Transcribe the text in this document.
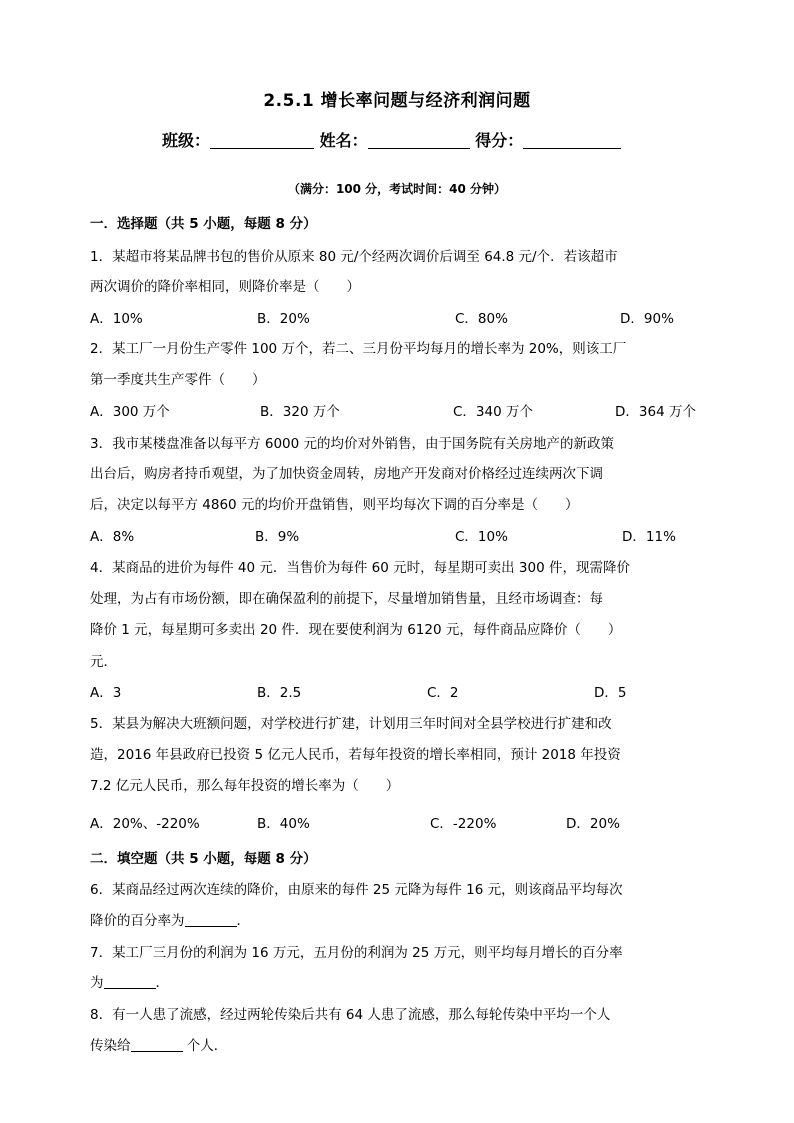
2.5.1 增长率问题与经济利润问题
班级：	姓名：	得分：
（满分：100 分，考试时间：40 分钟）
一．选择题（共 5 小题，每题 8 分）
1．某超市将某品牌书包的售价从原来 80 元/个经两次调价后调至 64.8 元/个．若该超市
两次调价的降价率相同，则降价率是（　　）
A．10%	B．20%	C．80%	D．90%
2．某工厂一月份生产零件 100 万个，若二、三月份平均每月的增长率为 20%，则该工厂
第一季度共生产零件（　　）
A．300 万个	B．320 万个	C．340 万个	D．364 万个
3．我市某楼盘准备以每平方 6000 元的均价对外销售，由于国务院有关房地产的新政策
出台后，购房者持币观望，为了加快资金周转，房地产开发商对价格经过连续两次下调
后，决定以每平方 4860 元的均价开盘销售，则平均每次下调的百分率是（　　）
A．8%	B．9%	C．10%	D．11%
4．某商品的进价为每件 40 元．当售价为每件 60 元时，每星期可卖出 300 件，现需降价
处理，为占有市场份额，即在确保盈利的前提下，尽量增加销售量，且经市场调查：每
降价 1 元，每星期可多卖出 20 件．现在要使利润为 6120 元，每件商品应降价（　　）
元．
A．3	B．2.5	C．2	D．5
5．某县为解决大班额问题，对学校进行扩建，计划用三年时间对全县学校进行扩建和改
造，2016 年县政府已投资 5 亿元人民币，若每年投资的增长率相同，预计 2018 年投资
7.2 亿元人民币，那么每年投资的增长率为（　　）
A．20%、-220%	B．40%	C．-220%	D．20%
二．填空题（共 5 小题，每题 8 分）
6．某商品经过两次连续的降价，由原来的每件 25 元降为每件 16 元，则该商品平均每次
降价的百分率为	．
7．某工厂三月份的利润为 16 万元，五月份的利润为 25 万元，则平均每月增长的百分率
为	．
8．有一人患了流感，经过两轮传染后共有 64 人患了流感，那么每轮传染中平均一个人
传染给	个人．
